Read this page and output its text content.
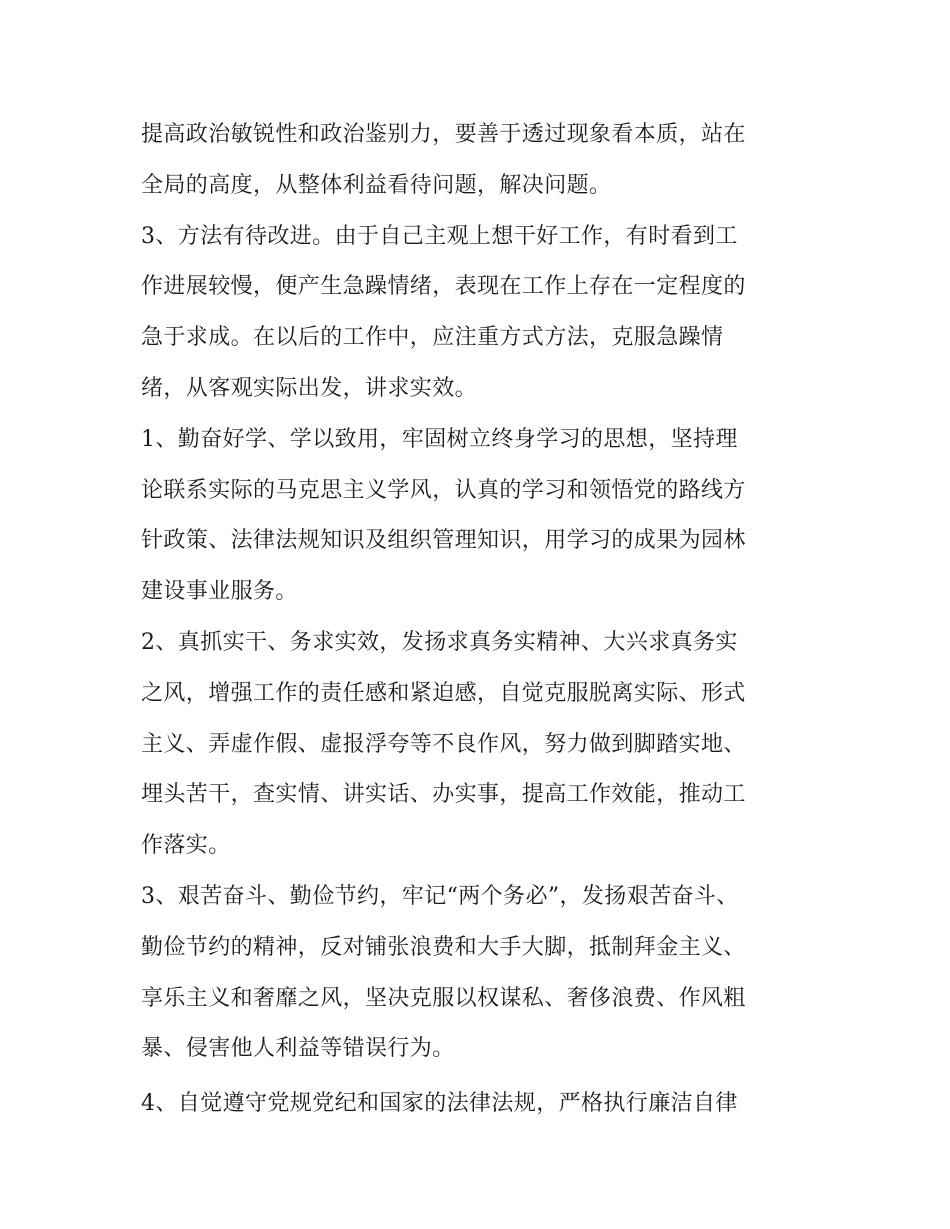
提高政治敏锐性和政治鉴别力，要善于透过现象看本质，站在
全局的高度，从整体利益看待问题，解决问题。
3、方法有待改进。由于自己主观上想干好工作，有时看到工
作进展较慢，便产生急躁情绪，表现在工作上存在一定程度的
急于求成。在以后的工作中，应注重方式方法，克服急躁情
绪，从客观实际出发，讲求实效。
1、勤奋好学、学以致用，牢固树立终身学习的思想，坚持理
论联系实际的马克思主义学风，认真的学习和领悟党的路线方
针政策、法律法规知识及组织管理知识，用学习的成果为园林
建设事业服务。
2、真抓实干、务求实效，发扬求真务实精神、大兴求真务实
之风，增强工作的责任感和紧迫感，自觉克服脱离实际、形式
主义、弄虚作假、虚报浮夸等不良作风，努力做到脚踏实地、
埋头苦干，查实情、讲实话、办实事，提高工作效能，推动工
作落实。
3、艰苦奋斗、勤俭节约，牢记“两个务必”，发扬艰苦奋斗、
勤俭节约的精神，反对铺张浪费和大手大脚，抵制拜金主义、
享乐主义和奢靡之风，坚决克服以权谋私、奢侈浪费、作风粗
暴、侵害他人利益等错误行为。
4、自觉遵守党规党纪和国家的法律法规，严格执行廉洁自律
